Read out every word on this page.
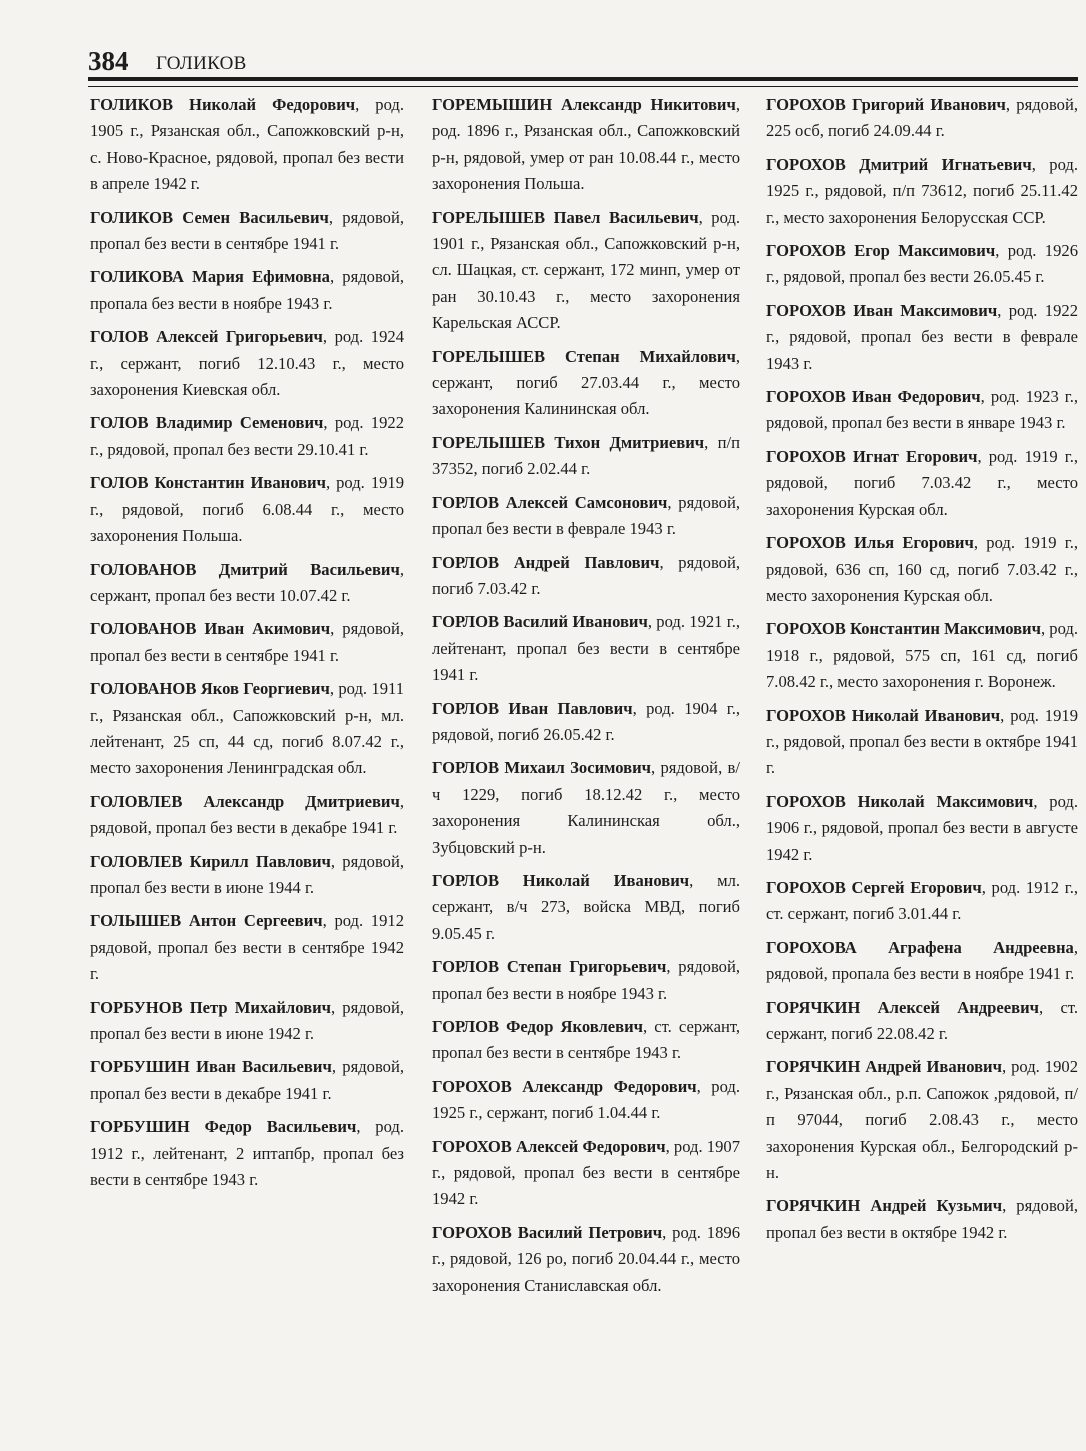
384 ГОЛИКОВ

ГОЛИКОВ Николай Федорович, род. 1905 г., Рязанская обл., Сапожковский р-н, с. Ново-Красное, рядовой, пропал без вести в апреле 1942 г.

ГОЛИКОВ Семен Васильевич, рядовой, пропал без вести в сентябре 1941 г.

ГОЛИКОВА Мария Ефимовна, рядовой, пропала без вести в ноябре 1943 г.

ГОЛОВ Алексей Григорьевич, род. 1924 г., сержант, погиб 12.10.43 г., место захоронения Киевская обл.

ГОЛОВ Владимир Семенович, род. 1922 г., рядовой, пропал без вести 29.10.41 г.

ГОЛОВ Константин Иванович, род. 1919 г., рядовой, погиб 6.08.44 г., место захоронения Польша.

ГОЛОВАНОВ Дмитрий Васильевич, сержант, пропал без вести 10.07.42 г.

ГОЛОВАНОВ Иван Акимович, рядовой, пропал без вести в сентябре 1941 г.

ГОЛОВАНОВ Яков Георгиевич, род. 1911 г., Рязанская обл., Сапожковский р-н, мл. лейтенант, 25 сп, 44 сд, погиб 8.07.42 г., место захоронения Ленинградская обл.

ГОЛОВЛЕВ Александр Дмитриевич, рядовой, пропал без вести в декабре 1941 г.

ГОЛОВЛЕВ Кирилл Павлович, рядовой, пропал без вести в июне 1944 г.

ГОЛЫШЕВ Антон Сергеевич, род. 1912 рядовой, пропал без вести в сентябре 1942 г.

ГОРБУНОВ Петр Михайлович, рядовой, пропал без вести в июне 1942 г.

ГОРБУШИН Иван Васильевич, рядовой, пропал без вести в декабре 1941 г.

ГОРБУШИН Федор Васильевич, род. 1912 г., лейтенант, 2 иптапбр, пропал без вести в сентябре 1943 г.

ГОРЕМЫШИН Александр Никитович, род. 1896 г., Рязанская обл., Сапожковский р-н, рядовой, умер от ран 10.08.44 г., место захоронения Польша.

ГОРЕЛЫШЕВ Павел Васильевич, род. 1901 г., Рязанская обл., Сапожковский р-н, сл. Шацкая, ст. сержант, 172 минп, умер от ран 30.10.43 г., место захоронения Карельская АССР.

ГОРЕЛЫШЕВ Степан Михайлович, сержант, погиб 27.03.44 г., место захоронения Калининская обл.

ГОРЕЛЫШЕВ Тихон Дмитриевич, п/п 37352, погиб 2.02.44 г.

ГОРЛОВ Алексей Самсонович, рядовой, пропал без вести в феврале 1943 г.

ГОРЛОВ Андрей Павлович, рядовой, погиб 7.03.42 г.

ГОРЛОВ Василий Иванович, род. 1921 г., лейтенант, пропал без вести в сентябре 1941 г.

ГОРЛОВ Иван Павлович, род. 1904 г., рядовой, погиб 26.05.42 г.

ГОРЛОВ Михаил Зосимович, рядовой, в/ч 1229, погиб 18.12.42 г., место захоронения Калининская обл., Зубцовский р-н.

ГОРЛОВ Николай Иванович, мл. сержант, в/ч 273, войска МВД, погиб 9.05.45 г.

ГОРЛОВ Степан Григорьевич, рядовой, пропал без вести в ноябре 1943 г.

ГОРЛОВ Федор Яковлевич, ст. сержант, пропал без вести в сентябре 1943 г.

ГОРОХОВ Александр Федорович, род. 1925 г., сержант, погиб 1.04.44 г.

ГОРОХОВ Алексей Федорович, род. 1907 г., рядовой, пропал без вести в сентябре 1942 г.

ГОРОХОВ Василий Петрович, род. 1896 г., рядовой, 126 ро, погиб 20.04.44 г., место захоронения Станиславская обл.

ГОРОХОВ Григорий Иванович, рядовой, 225 осб, погиб 24.09.44 г.

ГОРОХОВ Дмитрий Игнатьевич, род. 1925 г., рядовой, п/п 73612, погиб 25.11.42 г., место захоронения Белорусская ССР.

ГОРОХОВ Егор Максимович, род. 1926 г., рядовой, пропал без вести 26.05.45 г.

ГОРОХОВ Иван Максимович, род. 1922 г., рядовой, пропал без вести в феврале 1943 г.

ГОРОХОВ Иван Федорович, род. 1923 г., рядовой, пропал без вести в январе 1943 г.

ГОРОХОВ Игнат Егорович, род. 1919 г., рядовой, погиб 7.03.42 г., место захоронения Курская обл.

ГОРОХОВ Илья Егорович, род. 1919 г., рядовой, 636 сп, 160 сд, погиб 7.03.42 г., место захоронения Курская обл.

ГОРОХОВ Константин Максимович, род. 1918 г., рядовой, 575 сп, 161 сд, погиб 7.08.42 г., место захоронения г. Воронеж.

ГОРОХОВ Николай Иванович, род. 1919 г., рядовой, пропал без вести в октябре 1941 г.

ГОРОХОВ Николай Максимович, род. 1906 г., рядовой, пропал без вести в августе 1942 г.

ГОРОХОВ Сергей Егорович, род. 1912 г., ст. сержант, погиб 3.01.44 г.

ГОРОХОВА Аграфена Андреевна, рядовой, пропала без вести в ноябре 1941 г.

ГОРЯЧКИН Алексей Андреевич, ст. сержант, погиб 22.08.42 г.

ГОРЯЧКИН Андрей Иванович, род. 1902 г., Рязанская обл., р.п. Сапожок ,рядовой, п/п 97044, погиб 2.08.43 г., место захоронения Курская обл., Белгородский р-н.

ГОРЯЧКИН Андрей Кузьмич, рядовой, пропал без вести в октябре 1942 г.
